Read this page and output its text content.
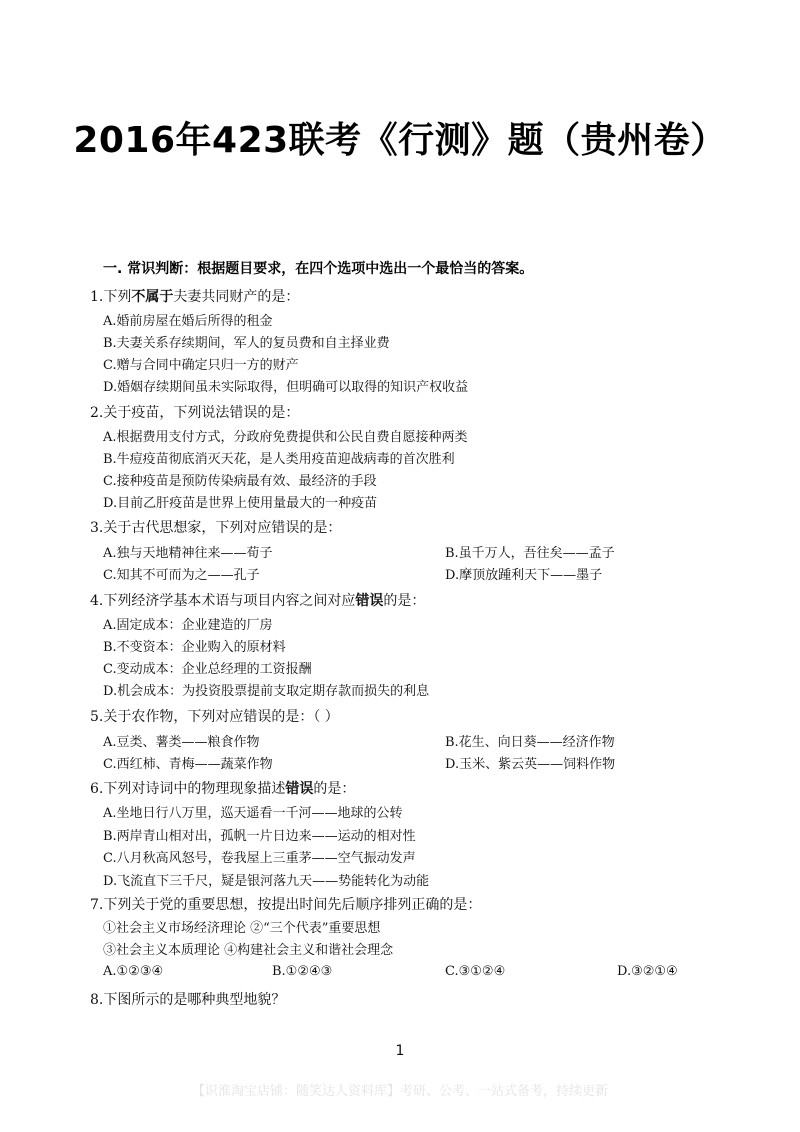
2016年423联考《行测》题（贵州卷）
一. 常识判断：根据题目要求，在四个选项中选出一个最恰当的答案。
1.下列不属于夫妻共同财产的是：
A.婚前房屋在婚后所得的租金
B.夫妻关系存续期间，军人的复员费和自主择业费
C.赠与合同中确定只归一方的财产
D.婚姻存续期间虽未实际取得，但明确可以取得的知识产权收益
2.关于疫苗，下列说法错误的是：
A.根据费用支付方式，分政府免费提供和公民自费自愿接种两类
B.牛痘疫苗彻底消灭天花，是人类用疫苗迎战病毒的首次胜利
C.接种疫苗是预防传染病最有效、最经济的手段
D.目前乙肝疫苗是世界上使用量最大的一种疫苗
3.关于古代思想家，下列对应错误的是：
A.独与天地精神往来——荀子	B.虽千万人，吾往矣——孟子
C.知其不可而为之——孔子	D.摩顶放踵利天下——墨子
4.下列经济学基本术语与项目内容之间对应错误的是：
A.固定成本：企业建造的厂房
B.不变资本：企业购入的原材料
C.变动成本：企业总经理的工资报酬
D.机会成本：为投资股票提前支取定期存款而损失的利息
5.关于农作物，下列对应错误的是：（ ）
A.豆类、薯类——粮食作物	B.花生、向日葵——经济作物
C.西红柿、青梅——蔬菜作物	D.玉米、紫云英——饲料作物
6.下列对诗词中的物理现象描述错误的是：
A.坐地日行八万里，巡天遥看一千河——地球的公转
B.两岸青山相对出，孤帆一片日边来——运动的相对性
C.八月秋高风怒号，卷我屋上三重茅——空气振动发声
D.飞流直下三千尺，疑是银河落九天——势能转化为动能
7.下列关于党的重要思想，按提出时间先后顺序排列正确的是：
①社会主义市场经济理论 ②“三个代表”重要思想
③社会主义本质理论 ④构建社会主义和谐社会理念
A.①②③④	B.①②④③	C.③①②④	D.③②①④
8.下图所示的是哪种典型地貌？
1
【识淮淘宝店铺：随笑达人资料库】考研、公考、一站式备考，持续更新
